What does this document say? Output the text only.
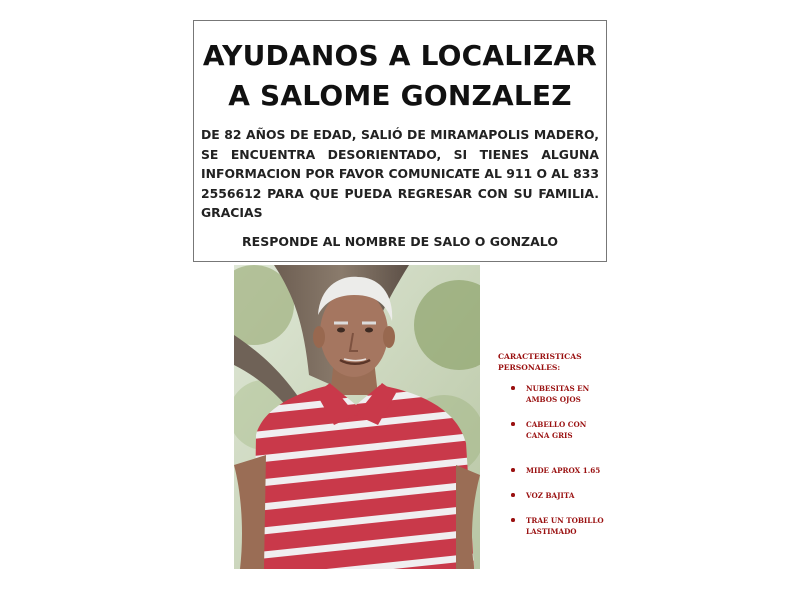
AYUDANOS A LOCALIZAR
A SALOME GONZALEZ

DE 82 AÑOS DE EDAD, SALIÓ DE MIRAMAPOLIS MADERO, SE ENCUENTRA DESORIENTADO, SI TIENES ALGUNA INFORMACION POR FAVOR COMUNICATE AL 911 O AL 833 2556612 PARA QUE PUEDA REGRESAR CON SU FAMILIA. GRACIAS

RESPONDE AL NOMBRE DE SALO O GONZALO

CARACTERISTICAS PERSONALES:
NUBESITAS EN AMBOS OJOS
CABELLO CON CANA GRIS
MIDE APROX 1.65
VOZ BAJITA
TRAE UN TOBILLO LASTIMADO
